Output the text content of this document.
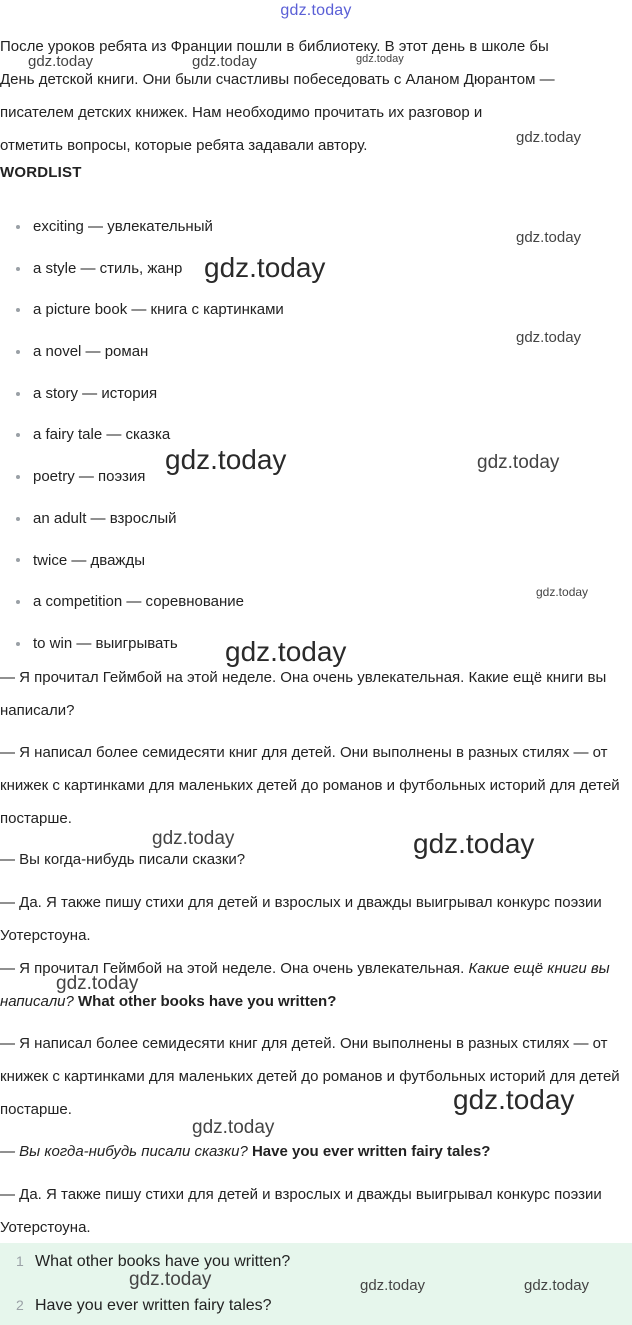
gdz.today
После уроков ребята из Франции пошли в библиотеку. В этот день в школе бы
День детской книги. Они были счастливы побеседовать с Аланом Дюрантом —
писателем детских книжек. Нам необходимо прочитать их разговор и
отметить вопросы, которые ребята задавали автору.
WORDLIST
exciting — увлекательный
a style — стиль, жанр
a picture book — книга с картинками
a novel — роман
a story — история
a fairy tale — сказка
poetry — поэзия
an adult — взрослый
twice — дважды
a competition — соревнование
to win — выигрывать

— Я прочитал Геймбой на этой неделе. Она очень увлекательная. Какие ещё книги вы написали?

— Я написал более семидесяти книг для детей. Они выполнены в разных стилях — от книжек с картинками для маленьких детей до романов и футбольных историй для детей постарше.

— Вы когда-нибудь писали сказки?

— Да. Я также пишу стихи для детей и взрослых и дважды выигрывал конкурс поэзии Уотерстоуна.

— Я прочитал Геймбой на этой неделе. Она очень увлекательная. Какие ещё книги вы написали? What other books have you written?

— Я написал более семидесяти книг для детей. Они выполнены в разных стилях — от книжек с картинками для маленьких детей до романов и футбольных историй для детей постарше.

— Вы когда-нибудь писали сказки? Have you ever written fairy tales?

— Да. Я также пишу стихи для детей и взрослых и дважды выигрывал конкурс поэзии Уотерстоуна.

1 What other books have you written?
2 Have you ever written fairy tales?
gdz.today	gdz.today	gdz.today
gdz.today
gdz.today
gdz.today
gdz.today
gdz.today	gdz.today
gdz.today
gdz.today
gdz.today	gdz.today
gdz.today
gdz.today
gdz.today
gdz.today	gdz.today	gdz.today
